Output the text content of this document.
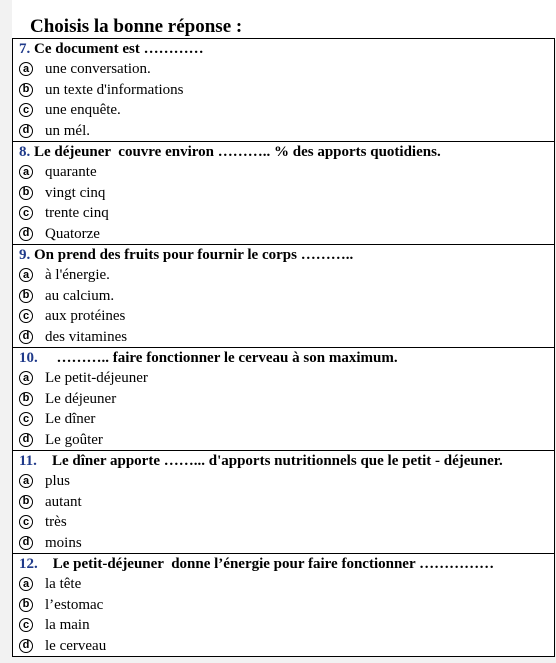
Choisis la bonne réponse :
7. Ce document est …………
a une conversation.
b un texte d'informations
c une enquête.
d un mél.
8. Le déjeuner  couvre environ ……….. % des apports quotidiens.
a quarante
b vingt cinq
c trente cinq
d Quatorze
9. On prend des fruits pour fournir le corps ………..
a à l'énergie.
b au calcium.
c aux protéines
d des vitamines
10.     ……….. faire fonctionner le cerveau à son maximum.
a Le petit-déjeuner
b Le déjeuner
c Le dîner
d Le goûter
11.    Le dîner apporte ……... d'apports nutritionnels que le petit - déjeuner.
a plus
b autant
c très
d moins
12.    Le petit-déjeuner  donne l’énergie pour faire fonctionner ……………
a la tête
b l’estomac
c la main
d le cerveau
